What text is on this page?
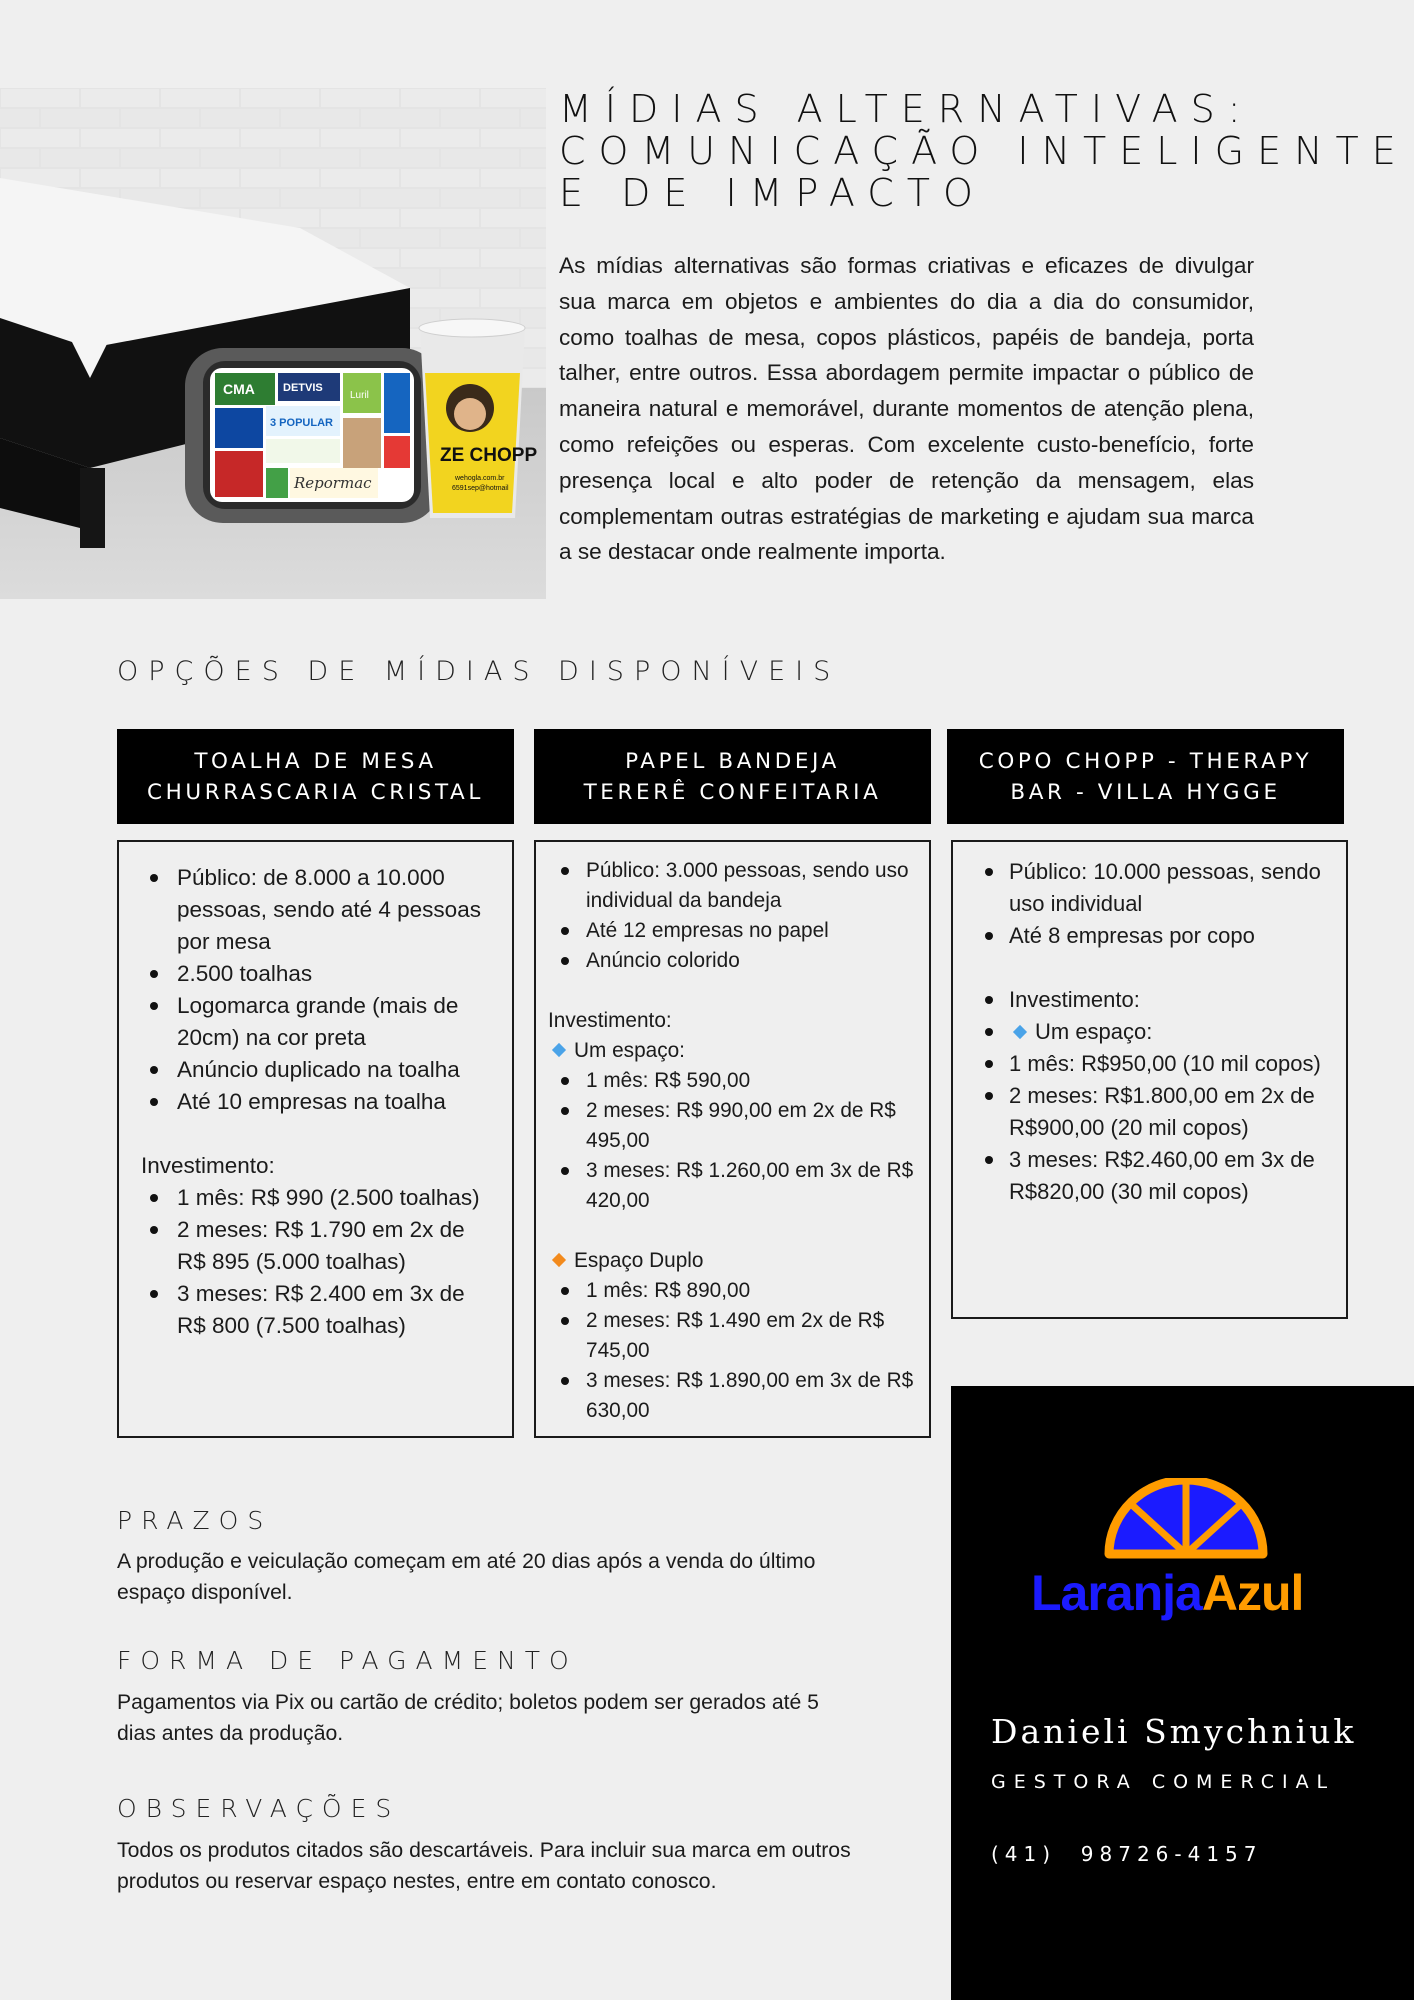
CMA	DETVIS
Luril
3 POPULAR
Repormac
ZE CHOPP
wehogla.com.br
6591sep@hotmail
MÍDIAS ALTERNATIVAS:
COMUNICAÇÃO INTELIGENTE
E DE IMPACTO

As mídias alternativas são formas criativas e eficazes de divulgar sua marca em objetos e ambientes do dia a dia do consumidor, como toalhas de mesa, copos plásticos, papéis de bandeja, porta talher, entre outros. Essa abordagem permite impactar o público de maneira natural e memorável, durante momentos de atenção plena, como refeições ou esperas. Com excelente custo-benefício, forte presença local e alto poder de retenção da mensagem, elas complementam outras estratégias de marketing e ajudam sua marca a se destacar onde realmente importa.

OPÇÕES DE MÍDIAS DISPONÍVEIS
TOALHA DE MESA
CHURRASCARIA CRISTAL
Público: de 8.000 a 10.000 pessoas, sendo até 4 pessoas por mesa
2.500 toalhas
Logomarca grande (mais de 20cm) na cor preta
Anúncio duplicado na toalha
Até 10 empresas na toalha
Investimento:
1 mês: R$ 990 (2.500 toalhas)
2 meses: R$ 1.790 em 2x de R$ 895 (5.000 toalhas)
3 meses: R$ 2.400 em 3x de R$ 800 (7.500 toalhas)
PAPEL BANDEJA
TERERÊ CONFEITARIA
Público: 3.000 pessoas, sendo uso individual da bandeja
Até 12 empresas no papel
Anúncio colorido
Investimento:
Um espaço:
1 mês: R$ 590,00
2 meses: R$ 990,00 em 2x de R$ 495,00
3 meses: R$ 1.260,00 em 3x de R$ 420,00
Espaço Duplo
1 mês: R$ 890,00
2 meses: R$ 1.490 em 2x de R$ 745,00
3 meses: R$ 1.890,00 em 3x de R$ 630,00
COPO CHOPP - THERAPY
BAR - VILLA HYGGE
Público: 10.000 pessoas, sendo uso individual
Até 8 empresas por copo
Investimento:
Um espaço:
1 mês: R$950,00 (10 mil copos)
2 meses: R$1.800,00 em 2x de R$900,00 (20 mil copos)
3 meses: R$2.460,00 em 3x de R$820,00 (30 mil copos)
PRAZOS

A produção e veiculação começam em até 20 dias após a venda do último espaço disponível.

FORMA DE PAGAMENTO

Pagamentos via Pix ou cartão de crédito; boletos podem ser gerados até 5 dias antes da produção.

OBSERVAÇÕES

Todos os produtos citados são descartáveis. Para incluir sua marca em outros produtos ou reservar espaço nestes, entre em contato conosco.

LaranjaAzul
Danieli Smychniuk
GESTORA COMERCIAL
(41)  98726-4157
